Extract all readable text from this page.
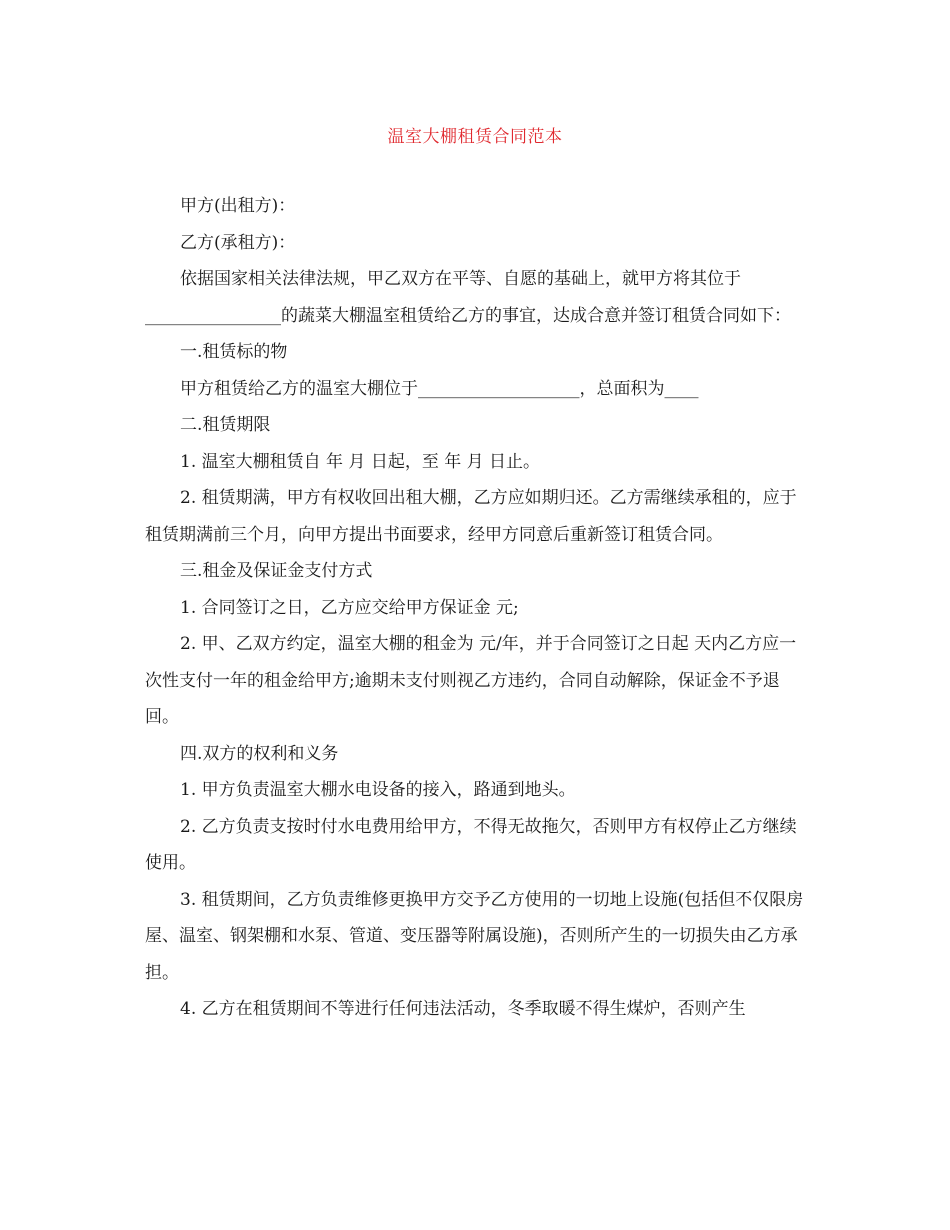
温室大棚租赁合同范本

甲方(出租方)：

乙方(承租方)：

依据国家相关法律法规，甲乙双方在平等、自愿的基础上，就甲方将其位于________________的蔬菜大棚温室租赁给乙方的事宜，达成合意并签订租赁合同如下：

一.租赁标的物

甲方租赁给乙方的温室大棚位于___________________，总面积为____

二.租赁期限

1. 温室大棚租赁自 年 月 日起，至 年 月 日止。

2. 租赁期满，甲方有权收回出租大棚，乙方应如期归还。乙方需继续承租的，应于租赁期满前三个月，向甲方提出书面要求，经甲方同意后重新签订租赁合同。

三.租金及保证金支付方式

1. 合同签订之日，乙方应交给甲方保证金 元;

2. 甲、乙双方约定，温室大棚的租金为 元/年，并于合同签订之日起 天内乙方应一次性支付一年的租金给甲方;逾期未支付则视乙方违约，合同自动解除，保证金不予退回。

四.双方的权利和义务

1. 甲方负责温室大棚水电设备的接入，路通到地头。

2. 乙方负责支按时付水电费用给甲方，不得无故拖欠，否则甲方有权停止乙方继续使用。

3. 租赁期间，乙方负责维修更换甲方交予乙方使用的一切地上设施(包括但不仅限房屋、温室、钢架棚和水泵、管道、变压器等附属设施)，否则所产生的一切损失由乙方承担。

4. 乙方在租赁期间不等进行任何违法活动，冬季取暖不得生煤炉，否则产生
